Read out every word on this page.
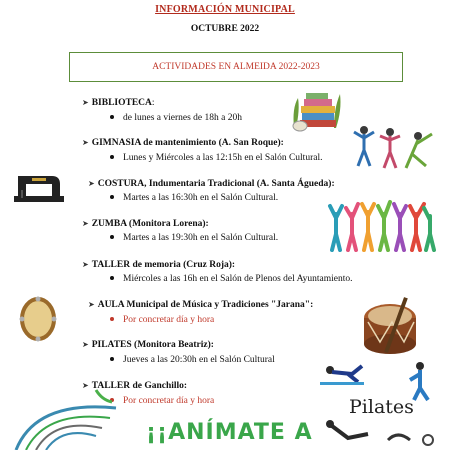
INFORMACIÓN MUNICIPAL
OCTUBRE 2022
ACTIVIDADES EN ALMEIDA 2022-2023
➤ BIBLIOTECA:
de lunes a viernes de 18h a 20h
➤ GIMNASIA de mantenimiento (A. San Roque):
Lunes y Miércoles a las 12:15h en el Salón Cultural.
➤ COSTURA, Indumentaria Tradicional (A. Santa Águeda):
Martes a las 16:30h en el Salón Cultural.
➤ ZUMBA (Monitora Lorena):
Martes a las 19:30h en el Salón Cultural.
➤ TALLER de memoria (Cruz Roja):
Miércoles a las 16h en el Salón de Plenos del Ayuntamiento.
➤ AULA Municipal de Música y Tradiciones "Jarana":
Por concretar día y hora
➤ PILATES (Monitora Beatriz):
Jueves a las 20:30h en el Salón Cultural
➤ TALLER de Ganchillo:
Por concretar día y hora	Pilates
¡¡ANÍMATE A
